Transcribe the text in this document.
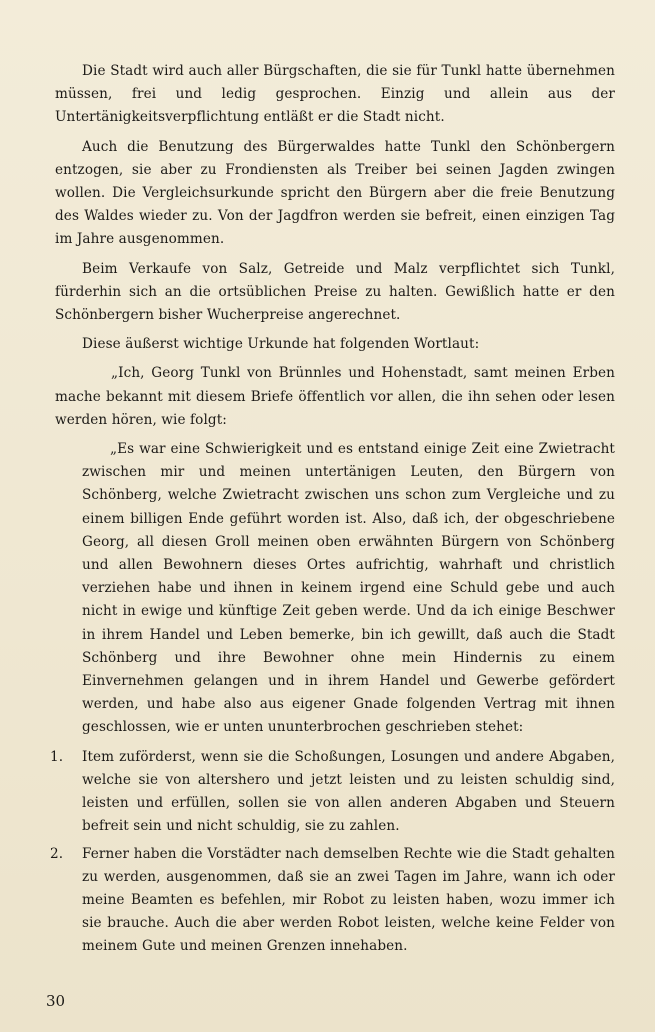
Die Stadt wird auch aller Bürgschaften, die sie für Tunkl hatte übernehmen müssen, frei und ledig gesprochen. Einzig und allein aus der Untertänigkeitsverpflichtung entläßt er die Stadt nicht.

Auch die Benutzung des Bürgerwaldes hatte Tunkl den Schönbergern entzogen, sie aber zu Frondiensten als Treiber bei seinen Jagden zwingen wollen. Die Vergleichsurkunde spricht den Bürgern aber die freie Benutzung des Waldes wieder zu. Von der Jagdfron werden sie befreit, einen einzigen Tag im Jahre ausgenommen.

Beim Verkaufe von Salz, Getreide und Malz verpflichtet sich Tunkl, fürderhin sich an die ortsüblichen Preise zu halten. Gewißlich hatte er den Schönbergern bisher Wucherpreise angerechnet.

Diese äußerst wichtige Urkunde hat folgenden Wortlaut:

„Ich, Georg Tunkl von Brünnles und Hohenstadt, samt meinen Erben mache bekannt mit diesem Briefe öffentlich vor allen, die ihn sehen oder lesen werden hören, wie folgt:

„Es war eine Schwierigkeit und es entstand einige Zeit eine Zwietracht zwischen mir und meinen untertänigen Leuten, den Bürgern von Schönberg, welche Zwietracht zwischen uns schon zum Vergleiche und zu einem billigen Ende geführt worden ist. Also, daß ich, der obgeschriebene Georg, all diesen Groll meinen oben erwähnten Bürgern von Schönberg und allen Bewohnern dieses Ortes aufrichtig, wahrhaft und christlich verziehen habe und ihnen in keinem irgend eine Schuld gebe und auch nicht in ewige und künftige Zeit geben werde. Und da ich einige Beschwer in ihrem Handel und Leben bemerke, bin ich gewillt, daß auch die Stadt Schönberg und ihre Bewohner ohne mein Hindernis zu einem Einvernehmen gelangen und in ihrem Handel und Gewerbe gefördert werden, und habe also aus eigener Gnade folgenden Vertrag mit ihnen geschlossen, wie er unten ununterbrochen geschrieben stehet:

1. Item zuförderst, wenn sie die Schoßungen, Losungen und andere Abgaben, welche sie von altershero und jetzt leisten und zu leisten schuldig sind, leisten und erfüllen, sollen sie von allen anderen Abgaben und Steuern befreit sein und nicht schuldig, sie zu zahlen.
2. Ferner haben die Vorstädter nach demselben Rechte wie die Stadt gehalten zu werden, ausgenommen, daß sie an zwei Tagen im Jahre, wann ich oder meine Beamten es befehlen, mir Robot zu leisten haben, wozu immer ich sie brauche. Auch die aber werden Robot leisten, welche keine Felder von meinem Gute und meinen Grenzen innehaben.
30
